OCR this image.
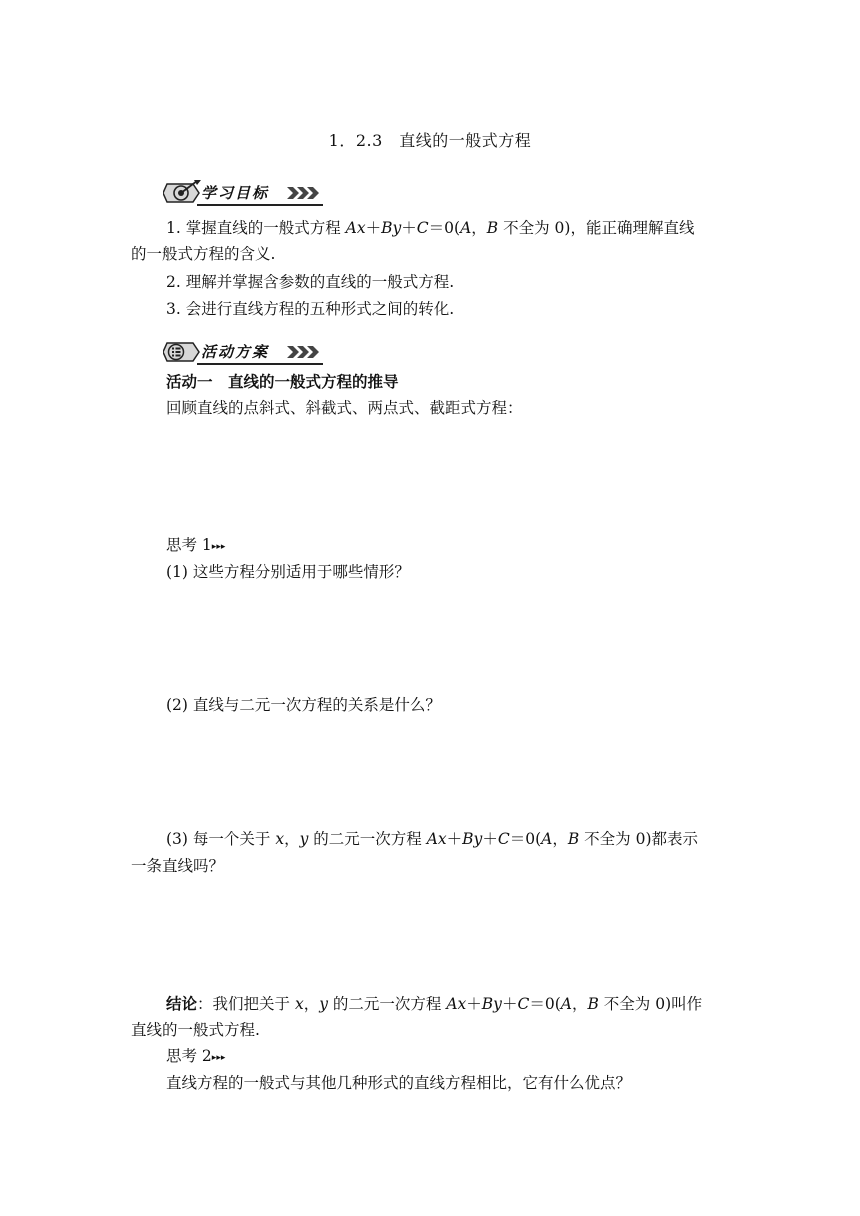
1．2.3　直线的一般式方程
学习目标
1. 掌握直线的一般式方程 Ax＋By＋C＝0(A，B 不全为 0)，能正确理解直线
的一般式方程的含义.
2. 理解并掌握含参数的直线的一般式方程.
3. 会进行直线方程的五种形式之间的转化.
活动方案
活动一　直线的一般式方程的推导
回顾直线的点斜式、斜截式、两点式、截距式方程：
思考 1▸▸▸
(1) 这些方程分别适用于哪些情形？
(2) 直线与二元一次方程的关系是什么？
(3) 每一个关于 x，y 的二元一次方程 Ax＋By＋C＝0(A，B 不全为 0)都表示
一条直线吗？
结论：我们把关于 x，y 的二元一次方程 Ax＋By＋C＝0(A，B 不全为 0)叫作
直线的一般式方程.
思考 2▸▸▸
直线方程的一般式与其他几种形式的直线方程相比，它有什么优点？
